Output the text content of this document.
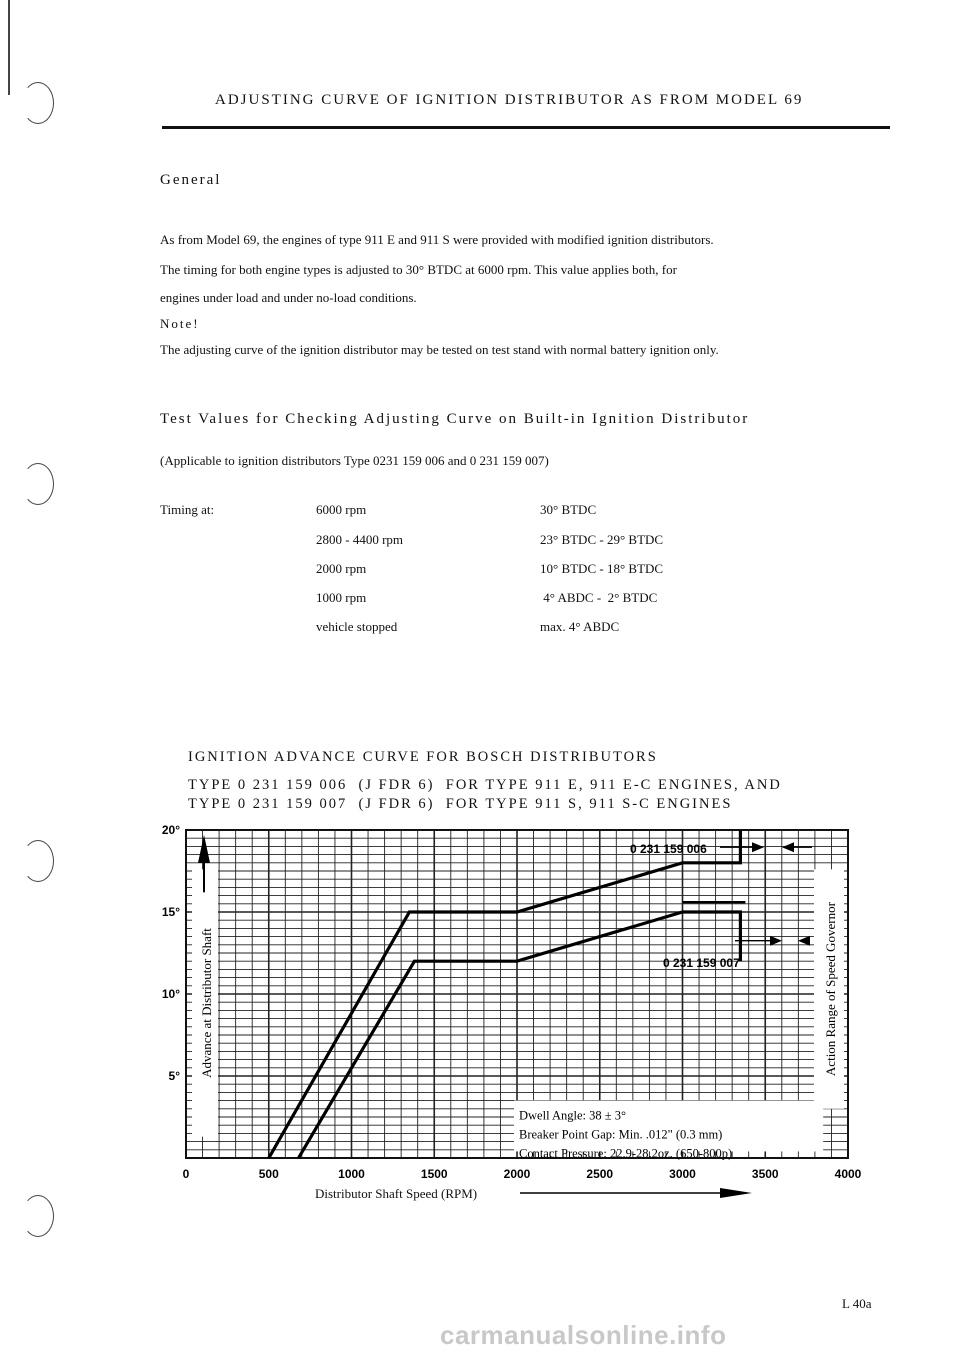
ADJUSTING CURVE OF IGNITION DISTRIBUTOR AS FROM MODEL 69
General
As from Model 69, the engines of type 911 E and 911 S were provided with modified ignition distributors.
The timing for both engine types is adjusted to 30° BTDC at 6000 rpm. This value applies both, for
engines under load and under no-load conditions.
Note!
The adjusting curve of the ignition distributor may be tested on test stand with normal battery ignition only.
Test Values for Checking Adjusting Curve on Built-in Ignition Distributor
(Applicable to ignition distributors Type 0231 159 006 and 0 231 159 007)
Timing at:	6000 rpm	30° BTDC
2800 - 4400 rpm	23° BTDC - 29° BTDC
2000 rpm	10° BTDC - 18° BTDC
1000 rpm	4° ABDC -  2° BTDC
vehicle stopped	max. 4° ABDC
IGNITION ADVANCE CURVE FOR BOSCH DISTRIBUTORS
TYPE 0 231 159 006  (J FDR 6)  FOR TYPE 911 E, 911 E-C ENGINES, AND
TYPE 0 231 159 007  (J FDR 6)  FOR TYPE 911 S, 911 S-C ENGINES
0 231 159 006
0 231 159 007
Dwell Angle: 38 ± 3°
Breaker Point Gap: Min. .012" (0.3 mm)
Contact Pressure: 22.9-28.2oz. (650-800p)
Advance at Distributor Shaft	Action Range of Speed Governor
0	500	1000	1500	2000	2500	3000	3500	4000
5°
10°
15°
20°
Distributor Shaft Speed (RPM)
L 40a
carmanualsonline.info
